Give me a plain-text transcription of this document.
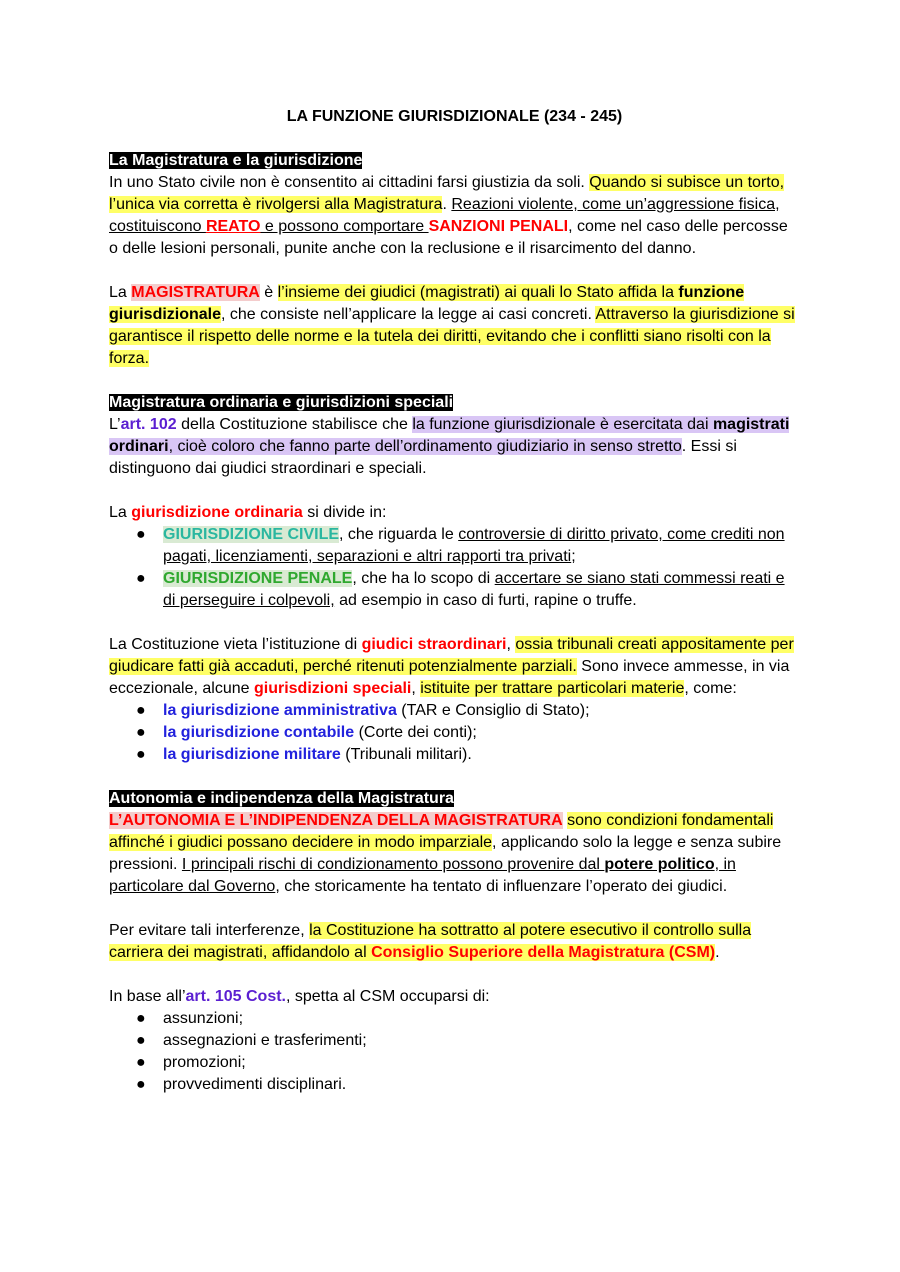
LA FUNZIONE GIURISDIZIONALE (234 - 245)
La Magistratura e la giurisdizione

In uno Stato civile non è consentito ai cittadini farsi giustizia da soli. Quando si subisce un torto, l’unica via corretta è rivolgersi alla Magistratura. Reazioni violente, come un’aggressione fisica, costituiscono REATO e possono comportare SANZIONI PENALI, come nel caso delle percosse o delle lesioni personali, punite anche con la reclusione e il risarcimento del danno.

La MAGISTRATURA è l’insieme dei giudici (magistrati) ai quali lo Stato affida la funzione giurisdizionale, che consiste nell’applicare la legge ai casi concreti. Attraverso la giurisdizione si garantisce il rispetto delle norme e la tutela dei diritti, evitando che i conflitti siano risolti con la forza.

Magistratura ordinaria e giurisdizioni speciali

L’art. 102 della Costituzione stabilisce che la funzione giurisdizionale è esercitata dai magistrati ordinari, cioè coloro che fanno parte dell’ordinamento giudiziario in senso stretto. Essi si distinguono dai giudici straordinari e speciali.

La giurisdizione ordinaria si divide in:

● GIURISDIZIONE CIVILE, che riguarda le controversie di diritto privato, come crediti non pagati, licenziamenti, separazioni e altri rapporti tra privati;
● GIURISDIZIONE PENALE, che ha lo scopo di accertare se siano stati commessi reati e di perseguire i colpevoli, ad esempio in caso di furti, rapine o truffe.

La Costituzione vieta l’istituzione di giudici straordinari, ossia tribunali creati appositamente per giudicare fatti già accaduti, perché ritenuti potenzialmente parziali. Sono invece ammesse, in via eccezionale, alcune giurisdizioni speciali, istituite per trattare particolari materie, come:

● la giurisdizione amministrativa (TAR e Consiglio di Stato);
● la giurisdizione contabile (Corte dei conti);
● la giurisdizione militare (Tribunali militari).
Autonomia e indipendenza della Magistratura

L’AUTONOMIA E L’INDIPENDENZA DELLA MAGISTRATURA sono condizioni fondamentali affinché i giudici possano decidere in modo imparziale, applicando solo la legge e senza subire pressioni. I principali rischi di condizionamento possono provenire dal potere politico, in particolare dal Governo, che storicamente ha tentato di influenzare l’operato dei giudici.

Per evitare tali interferenze, la Costituzione ha sottratto al potere esecutivo il controllo sulla carriera dei magistrati, affidandolo al Consiglio Superiore della Magistratura (CSM).

In base all’art. 105 Cost., spetta al CSM occuparsi di:

● assunzioni;
● assegnazioni e trasferimenti;
● promozioni;
● provvedimenti disciplinari.
